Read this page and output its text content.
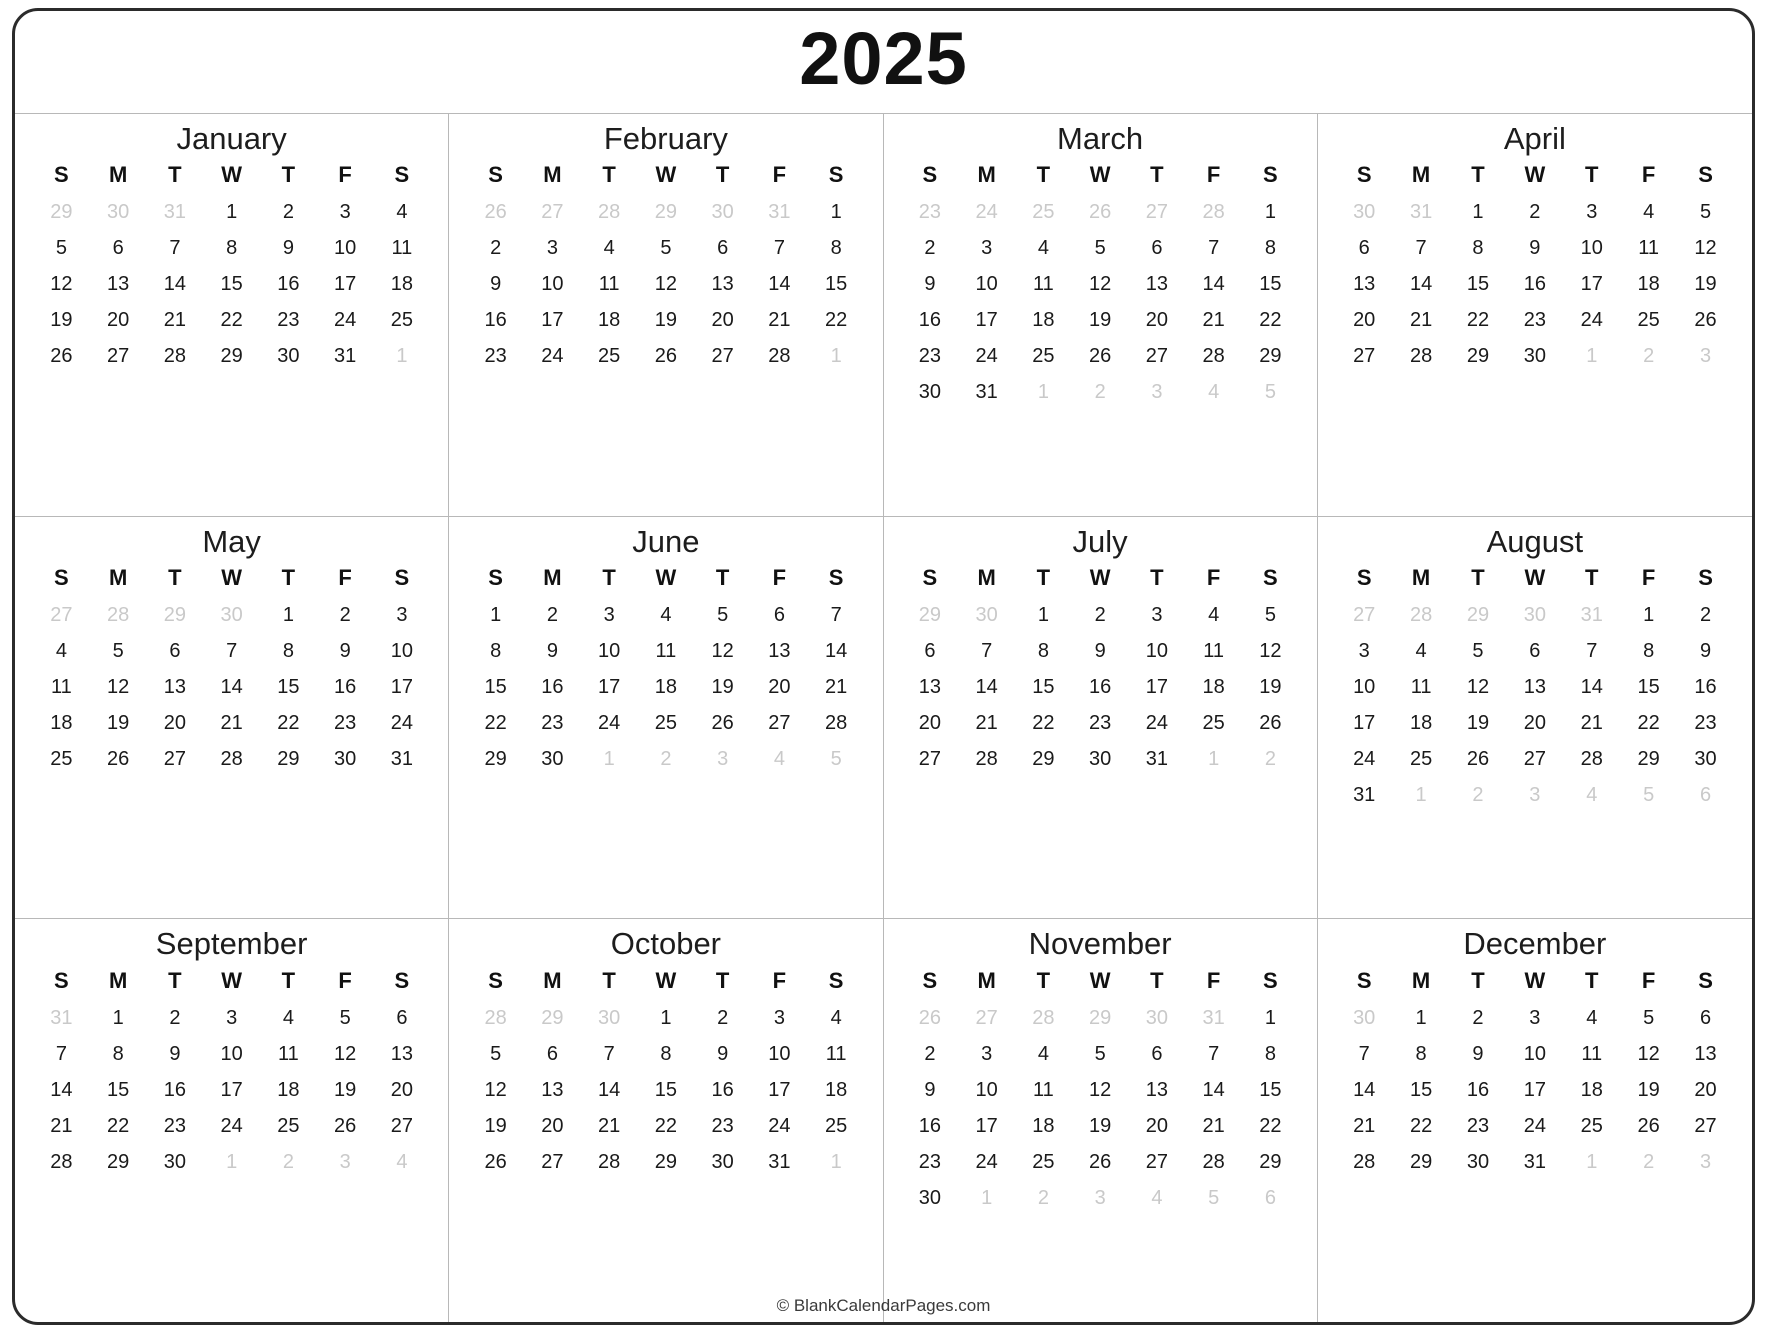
2025
January
S	M	T	W	T	F	S
29	30	31	1	2	3	4
5	6	7	8	9	10	11
12	13	14	15	16	17	18
19	20	21	22	23	24	25
26	27	28	29	30	31	1
February
S	M	T	W	T	F	S
26	27	28	29	30	31	1
2	3	4	5	6	7	8
9	10	11	12	13	14	15
16	17	18	19	20	21	22
23	24	25	26	27	28	1
March
S	M	T	W	T	F	S
23	24	25	26	27	28	1
2	3	4	5	6	7	8
9	10	11	12	13	14	15
16	17	18	19	20	21	22
23	24	25	26	27	28	29
30	31	1	2	3	4	5
April
S	M	T	W	T	F	S
30	31	1	2	3	4	5
6	7	8	9	10	11	12
13	14	15	16	17	18	19
20	21	22	23	24	25	26
27	28	29	30	1	2	3
May
S	M	T	W	T	F	S
27	28	29	30	1	2	3
4	5	6	7	8	9	10
11	12	13	14	15	16	17
18	19	20	21	22	23	24
25	26	27	28	29	30	31
June
S	M	T	W	T	F	S
1	2	3	4	5	6	7
8	9	10	11	12	13	14
15	16	17	18	19	20	21
22	23	24	25	26	27	28
29	30	1	2	3	4	5
July
S	M	T	W	T	F	S
29	30	1	2	3	4	5
6	7	8	9	10	11	12
13	14	15	16	17	18	19
20	21	22	23	24	25	26
27	28	29	30	31	1	2
August
S	M	T	W	T	F	S
27	28	29	30	31	1	2
3	4	5	6	7	8	9
10	11	12	13	14	15	16
17	18	19	20	21	22	23
24	25	26	27	28	29	30
31	1	2	3	4	5	6
September
S	M	T	W	T	F	S
31	1	2	3	4	5	6
7	8	9	10	11	12	13
14	15	16	17	18	19	20
21	22	23	24	25	26	27
28	29	30	1	2	3	4
October
S	M	T	W	T	F	S
28	29	30	1	2	3	4
5	6	7	8	9	10	11
12	13	14	15	16	17	18
19	20	21	22	23	24	25
26	27	28	29	30	31	1
November
S	M	T	W	T	F	S
26	27	28	29	30	31	1
2	3	4	5	6	7	8
9	10	11	12	13	14	15
16	17	18	19	20	21	22
23	24	25	26	27	28	29
30	1	2	3	4	5	6
December
S	M	T	W	T	F	S
30	1	2	3	4	5	6
7	8	9	10	11	12	13
14	15	16	17	18	19	20
21	22	23	24	25	26	27
28	29	30	31	1	2	3
© BlankCalendarPages.com
